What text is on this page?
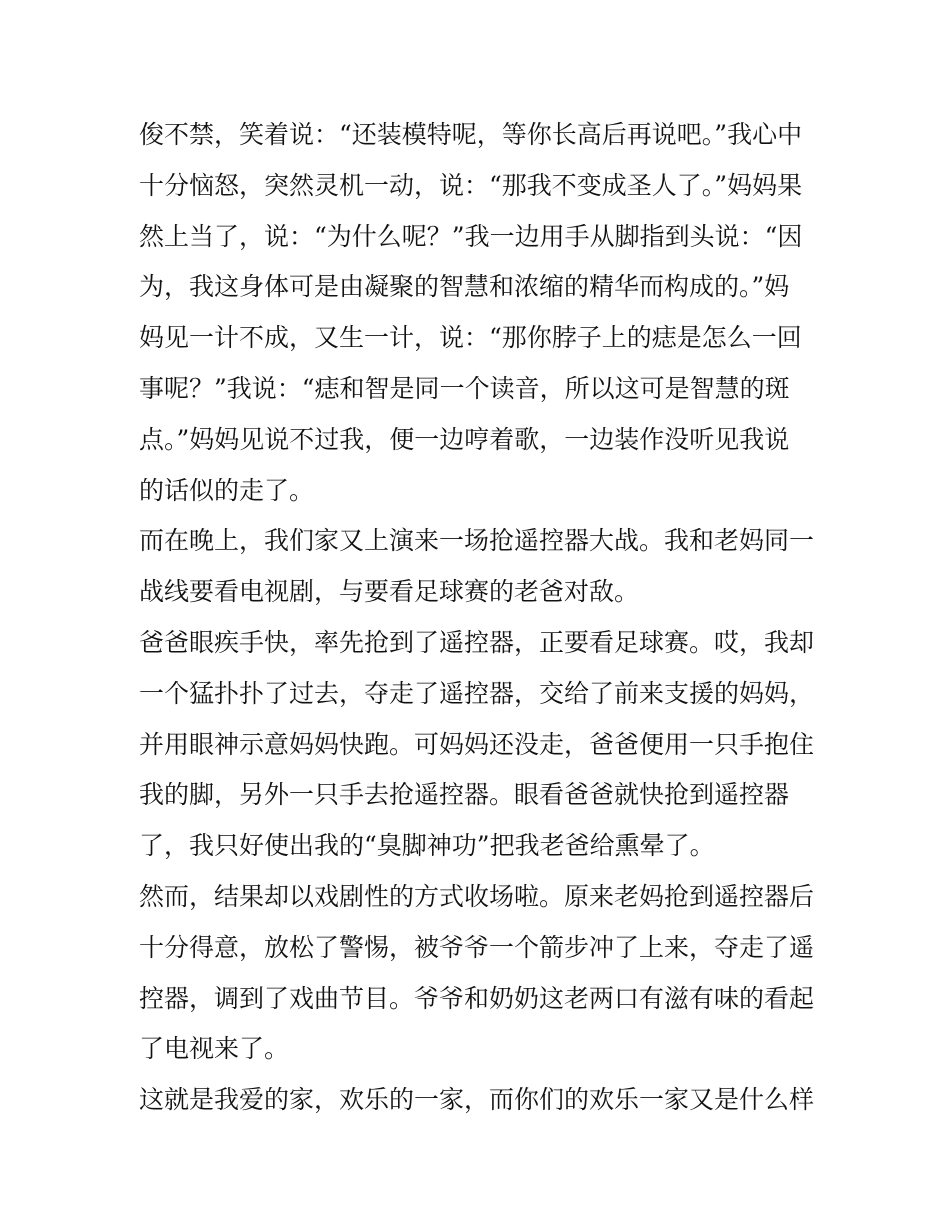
俊不禁，笑着说：“还装模特呢，等你长高后再说吧。”我心中
十分恼怒，突然灵机一动，说：“那我不变成圣人了。”妈妈果
然上当了，说：“为什么呢？”我一边用手从脚指到头说：“因
为，我这身体可是由凝聚的智慧和浓缩的精华而构成的。”妈
妈见一计不成，又生一计，说：“那你脖子上的痣是怎么一回
事呢？”我说：“痣和智是同一个读音，所以这可是智慧的斑
点。”妈妈见说不过我，便一边哼着歌，一边装作没听见我说
的话似的走了。
而在晚上，我们家又上演来一场抢遥控器大战。我和老妈同一
战线要看电视剧，与要看足球赛的老爸对敌。
爸爸眼疾手快，率先抢到了遥控器，正要看足球赛。哎，我却
一个猛扑扑了过去，夺走了遥控器，交给了前来支援的妈妈，
并用眼神示意妈妈快跑。可妈妈还没走，爸爸便用一只手抱住
我的脚，另外一只手去抢遥控器。眼看爸爸就快抢到遥控器
了，我只好使出我的“臭脚神功”把我老爸给熏晕了。
然而，结果却以戏剧性的方式收场啦。原来老妈抢到遥控器后
十分得意，放松了警惕，被爷爷一个箭步冲了上来，夺走了遥
控器，调到了戏曲节目。爷爷和奶奶这老两口有滋有味的看起
了电视来了。
这就是我爱的家，欢乐的一家，而你们的欢乐一家又是什么样
